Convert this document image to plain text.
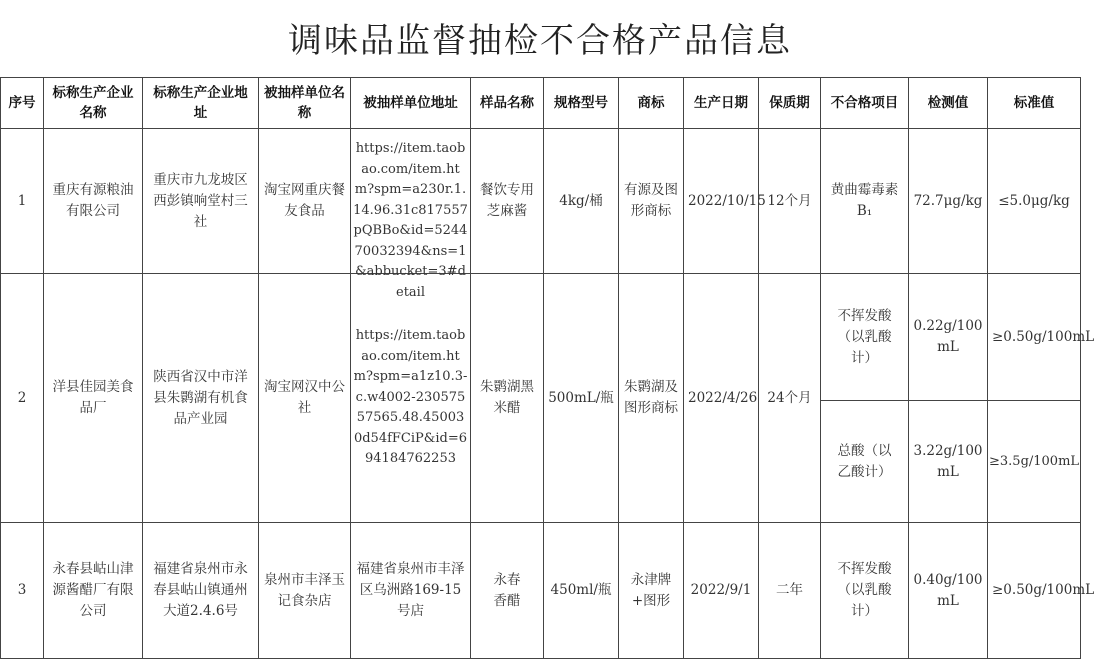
调味品监督抽检不合格产品信息
序号	标称生产企业名称	标称生产企业地址	被抽样单位名称	被抽样单位地址	样品名称	规格型号	商标	生产日期	保质期	不合格项目	检测值	标准值
1	重庆有源粮油有限公司	重庆市九龙坡区西彭镇响堂村三社	淘宝网重庆餐友食品	https://item.taobao.com/item.htm?spm=a230r.1.14.96.31c817557pQBBo&id=524470032394&ns=1&abbucket=3#detail	餐饮专用芝麻酱	4kg/桶	有源及图形商标	2022/10/15	12个月	黄曲霉毒素B₁	72.7μg/kg	≤5.0μg/kg
2	洋县佳园美食品厂	陕西省汉中市洋县朱鹮湖有机食品产业园	淘宝网汉中公社	https://item.taobao.com/item.htm?spm=a1z10.3-c.w4002-23057557565.48.450030d54fFCiP&id=694184762253	朱鹮湖黑米醋	500mL/瓶	朱鹮湖及图形商标	2022/4/26	24个月	不挥发酸（以乳酸计）	0.22g/100mL	≥0.50g/100mL
										总酸（以乙酸计）	3.22g/100mL	≥3.5g/100mL
3	永春县岵山津源酱醋厂有限公司	福建省泉州市永春县岵山镇通州大道2.4.6号	泉州市丰泽玉记食杂店	福建省泉州市丰泽区乌洲路169-15号店	永春香醋	450ml/瓶	永津牌+图形	2022/9/1	二年	不挥发酸（以乳酸计）	0.40g/100mL	≥0.50g/100mL
